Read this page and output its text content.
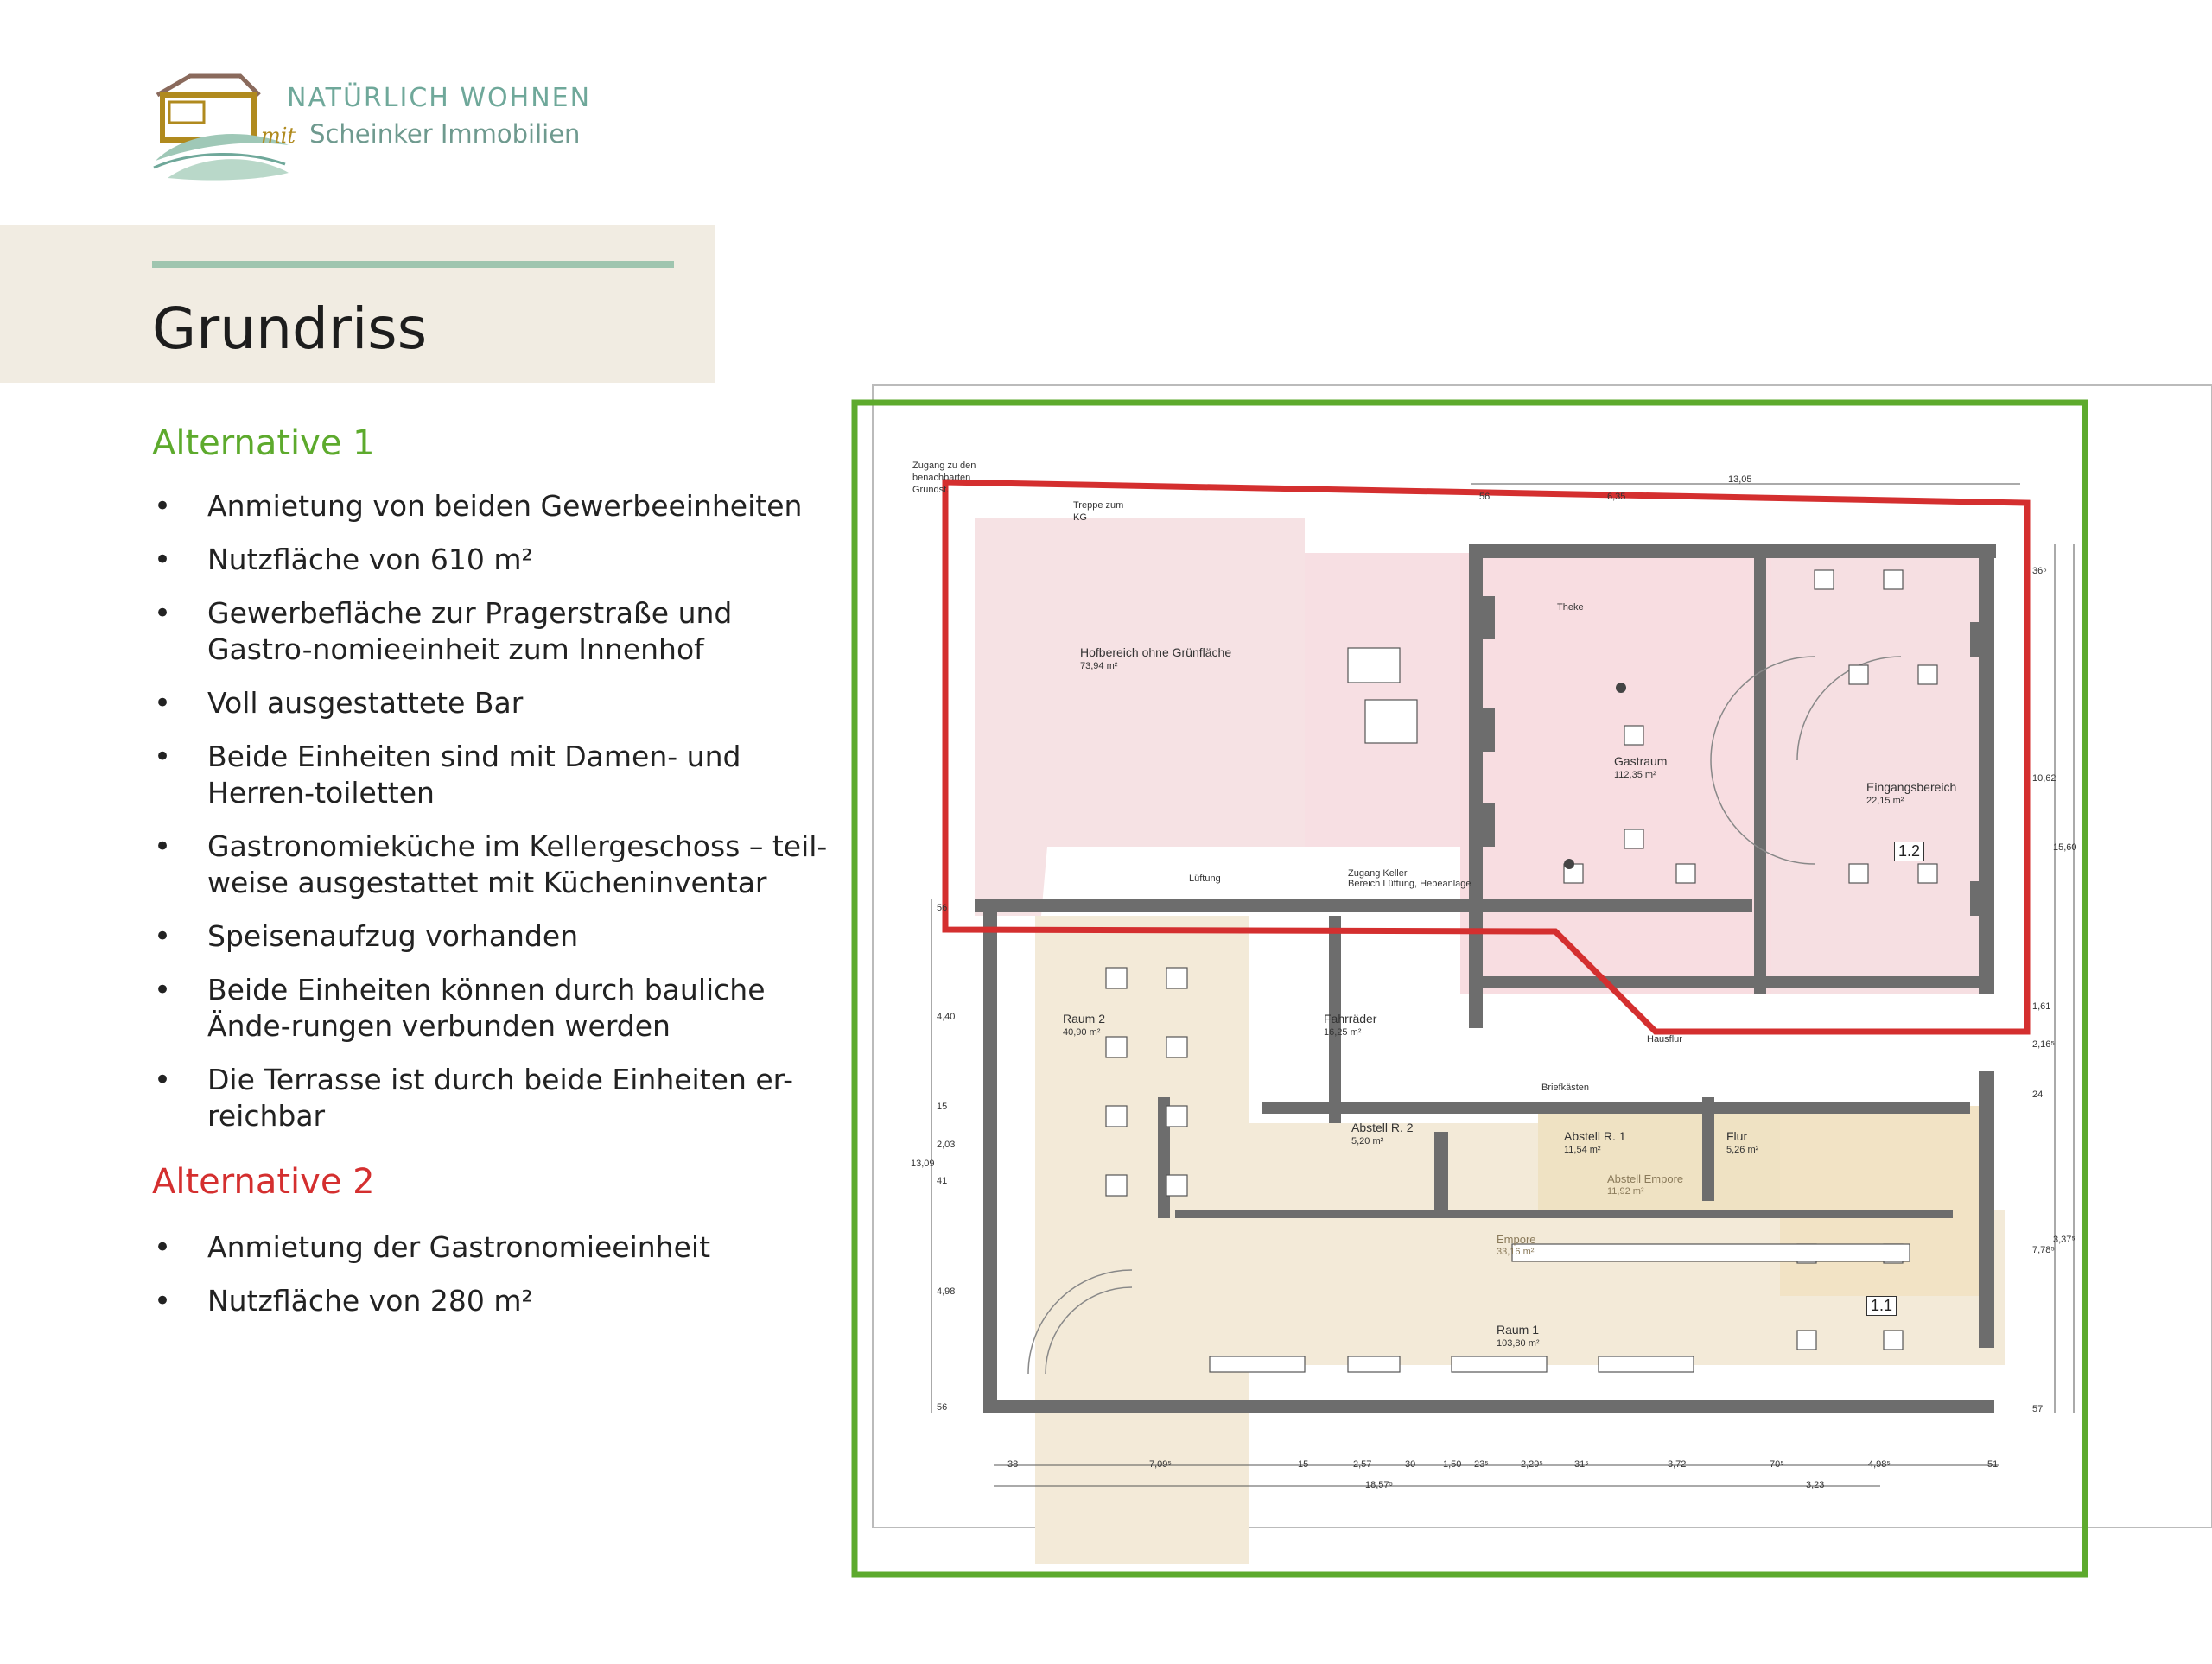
NATÜRLICH WOHNEN
mit Scheinker Immobilien
Grundriss
Alternative 1
• Anmietung von beiden Gewerbeeinheiten
• Nutzfläche von 610 m²
• Gewerbefläche zur Pragerstraße und Gastro-nomieeinheit zum Innenhof
• Voll ausgestattete Bar
• Beide Einheiten sind mit Damen- und Herren-toiletten
• Gastronomieküche im Kellergeschoss – teil-weise ausgestattet mit Kücheninventar
• Speisenaufzug vorhanden
• Beide Einheiten können durch bauliche Ände-rungen verbunden werden
• Die Terrasse ist durch beide Einheiten er-reichbar
Alternative 2
• Anmietung der Gastronomieeinheit
• Nutzfläche von 280 m²
Zugang zu den benachbarten Grundst.
Treppe zum KG
Hofbereich ohne Grünfläche
73,94 m²
Theke
Gastraum
112,35 m²
Eingangsbereich
22,15 m²
1.2
Lüftung	Zugang Keller
Bereich Lüftung, Hebeanlage
Raum 2
40,90 m²
Fahrräder
16,25 m²
Hausflur
Briefkästen
Abstell R. 2
5,20 m²	Abstell R. 1
11,54 m²
Abstell Empore
11,92 m²
Flur
5,26 m²
Empore
33,16 m²
Raum 1
103,80 m²
1.1
13,05
56	6,35
38	7,09⁵	15	2,57	30	1,50 23⁵	2,29⁵	31⁵	3,72	70⁵	4,98⁵	51
18,57⁵	3,23
56
4,40
15
2,03
41
4,98
56
13,09
36⁵
10,62
15,60
1,61
2,16⁵
24
7,78⁵
3,37⁵
57
